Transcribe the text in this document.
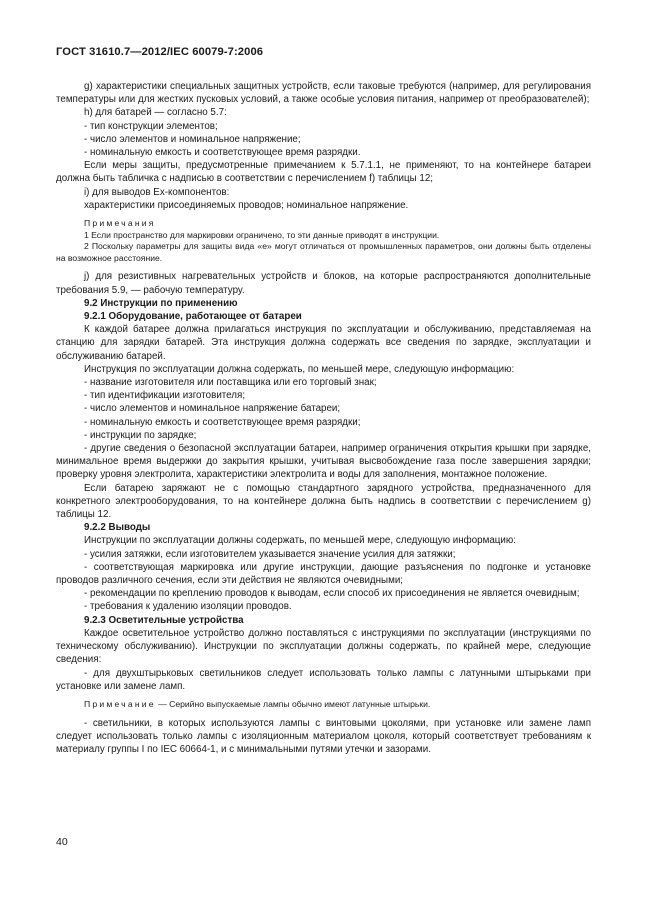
ГОСТ 31610.7—2012/IEC 60079-7:2006

g) характеристики специальных защитных устройств, если таковые требуются (например, для регулирования температуры или для жестких пусковых условий, а также особые условия питания, например от преобразователей);

h) для батарей — согласно 5.7:

- тип конструкции элементов;

- число элементов и номинальное напряжение;

- номинальную емкость и соответствующее время разрядки.

Если меры защиты, предусмотренные примечанием к 5.7.1.1, не применяют, то на контейнере батареи должна быть табличка с надписью в соответствии с перечислением f) таблицы 12;

i) для выводов Ex-компонентов:

характеристики присоединяемых проводов; номинальное напряжение.

Примечания

1 Если пространство для маркировки ограничено, то эти данные приводят в инструкции.

2 Поскольку параметры для защиты вида «е» могут отличаться от промышленных параметров, они должны быть отделены на возможное расстояние.

j) для резистивных нагревательных устройств и блоков, на которые распространяются дополнительные требования 5.9, — рабочую температуру.

9.2 Инструкции по применению

9.2.1 Оборудование, работающее от батареи

К каждой батарее должна прилагаться инструкция по эксплуатации и обслуживанию, представляемая на станцию для зарядки батарей. Эта инструкция должна содержать все сведения по зарядке, эксплуатации и обслуживанию батарей.

Инструкция по эксплуатации должна содержать, по меньшей мере, следующую информацию:

- название изготовителя или поставщика или его торговый знак;

- тип идентификации изготовителя;

- число элементов и номинальное напряжение батареи;

- номинальную емкость и соответствующее время разрядки;

- инструкции по зарядке;

- другие сведения о безопасной эксплуатации батареи, например ограничения открытия крышки при зарядке, минимальное время выдержки до закрытия крышки, учитывая высвобождение газа после завершения зарядки; проверку уровня электролита, характеристики электролита и воды для заполнения, монтажное положение.

Если батарею заряжают не с помощью стандартного зарядного устройства, предназначенного для конкретного электрооборудования, то на контейнере должна быть надпись в соответствии с перечислением g) таблицы 12.

9.2.2 Выводы

Инструкции по эксплуатации должны содержать, по меньшей мере, следующую информацию:

- усилия затяжки, если изготовителем указывается значение усилия для затяжки;

- соответствующая маркировка или другие инструкции, дающие разъяснения по подгонке и установке проводов различного сечения, если эти действия не являются очевидными;

- рекомендации по креплению проводов к выводам, если способ их присоединения не является очевидным;

- требования к удалению изоляции проводов.

9.2.3 Осветительные устройства

Каждое осветительное устройство должно поставляться с инструкциями по эксплуатации (инструкциями по техническому обслуживанию). Инструкции по эксплуатации должны содержать, по крайней мере, следующие сведения:

- для двухштырьковых светильников следует использовать только лампы с латунными штырьками при установке или замене ламп.

Примечание — Серийно выпускаемые лампы обычно имеют латунные штырьки.

- светильники, в которых используются лампы с винтовыми цоколями, при установке или замене ламп следует использовать только лампы с изоляционным материалом цоколя, который соответствует требованиям к материалу группы I по IEC 60664-1, и с минимальными путями утечки и зазорами.

40
